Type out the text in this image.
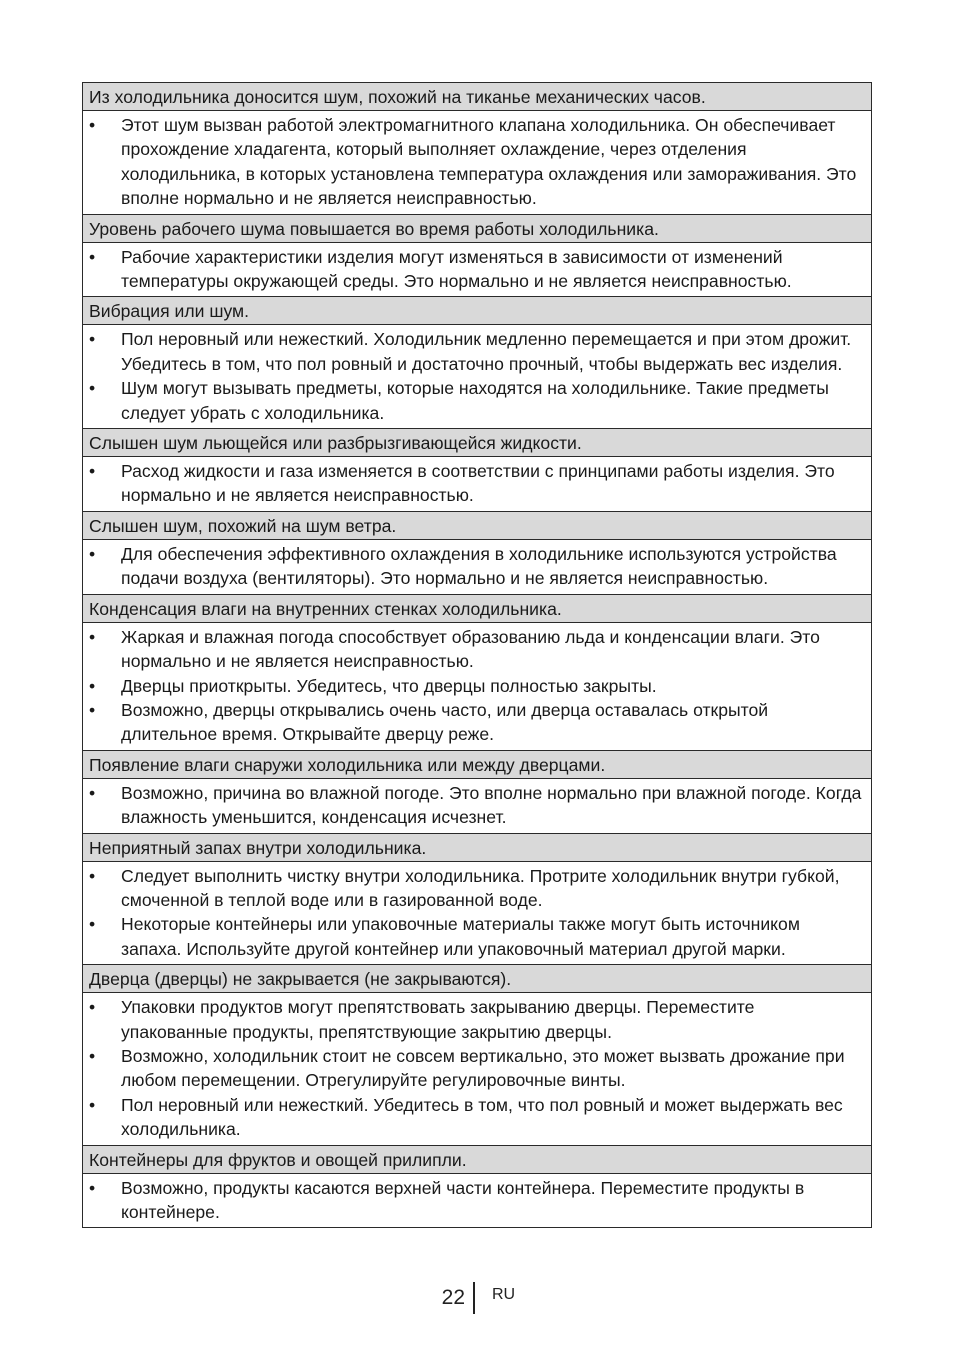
Из холодильника доносится шум, похожий на тиканье механических часов.
•	Этот шум вызван работой электромагнитного клапана холодильника. Он обеспечивает прохождение хладагента, который выполняет охлаждение, через отделения холодильника, в которых установлена температура охлаждения или замораживания. Это вполне нормально и не является неисправностью.
Уровень рабочего шума повышается во время работы холодильника.
•	Рабочие характеристики изделия могут изменяться в зависимости от изменений температуры окружающей среды. Это нормально и не является неисправностью.
Вибрация или шум.
•	Пол неровный или нежесткий. Холодильник медленно перемещается и при этом дрожит. Убедитесь в том, что пол ровный и достаточно прочный, чтобы выдержать вес изделия.
•	Шум могут вызывать предметы, которые находятся на холодильнике. Такие предметы следует убрать с холодильника.
Слышен шум льющейся или разбрызгивающейся жидкости.
•	Расход жидкости и газа изменяется в соответствии с принципами работы изделия. Это нормально и не является неисправностью.
Слышен шум, похожий на шум ветра.
•	Для обеспечения эффективного охлаждения в холодильнике используются устройства подачи воздуха (вентиляторы). Это нормально и не является неисправностью.
Конденсация влаги на внутренних стенках холодильника.
•	Жаркая и влажная погода способствует образованию льда и конденсации влаги. Это нормально и не является неисправностью.
•	Дверцы приоткрыты. Убедитесь, что дверцы полностью закрыты.
•	Возможно, дверцы открывались очень часто, или дверца оставалась открытой длительное время. Открывайте дверцу реже.
Появление влаги снаружи холодильника или между дверцами.
•	Возможно, причина во влажной погоде. Это вполне нормально при влажной погоде. Когда влажность уменьшится, конденсация исчезнет.
Неприятный запах внутри холодильника.
•	Следует выполнить чистку внутри холодильника. Протрите холодильник внутри губкой, смоченной в теплой воде или в газированной воде.
•	Некоторые контейнеры или упаковочные материалы также могут быть источником запаха. Используйте другой контейнер или упаковочный материал другой марки.
Дверца (дверцы) не закрывается (не закрываются).
•	Упаковки продуктов могут препятствовать закрыванию дверцы. Переместите упакованные продукты, препятствующие закрытию дверцы.
•	Возможно, холодильник стоит не совсем вертикально, это может вызвать дрожание при любом перемещении. Отрегулируйте регулировочные винты.
•	Пол неровный или нежесткий. Убедитесь в том, что пол ровный и может выдержать вес холодильника.
Контейнеры для фруктов и овощей прилипли.
•	Возможно, продукты касаются верхней части контейнера. Переместите продукты в контейнере.
22 RU
